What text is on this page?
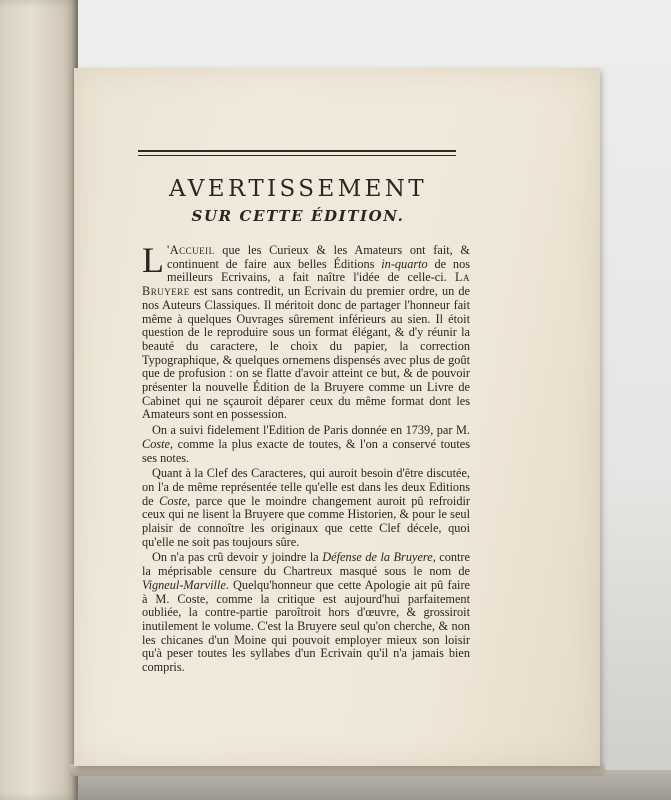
AVERTISSEMENT
SUR CETTE ÉDITION.

L 'Accueil que les Curieux & les Amateurs ont fait, & continuent de faire aux belles Éditions in-quarto de nos meilleurs Ecrivains, a fait naître l'idée de celle-ci. La Bruyere est sans contredit, un Ecrivain du premier ordre, un de nos Auteurs Classiques. Il méritoit donc de partager l'honneur fait même à quelques Ouvrages sûrement inférieurs au sien. Il étoit question de le reproduire sous un format élégant, & d'y réunir la beauté du caractere, le choix du papier, la correction Typographique, & quelques ornemens dispensés avec plus de goût que de profusion : on se flatte d'avoir atteint ce but, & de pouvoir présenter la nouvelle Édition de la Bruyere comme un Livre de Cabinet qui ne sçauroit déparer ceux du même format dont les Amateurs sont en possession.

On a suivi fidelement l'Edition de Paris donnée en 1739, par M. Coste, comme la plus exacte de toutes, & l'on a conservé toutes ses notes.

Quant à la Clef des Caracteres, qui auroit besoin d'être discutée, on l'a de même représentée telle qu'elle est dans les deux Editions de Coste, parce que le moindre changement auroit pû refroidir ceux qui ne lisent la Bruyere que comme Historien, & pour le seul plaisir de connoître les originaux que cette Clef décele, quoi qu'elle ne soit pas toujours sûre.

On n'a pas crû devoir y joindre la Défense de la Bruyere, contre la méprisable censure du Chartreux masqué sous le nom de Vigneul-Marville. Quelqu'honneur que cette Apologie ait pû faire à M. Coste, comme la critique est aujourd'hui parfaitement oubliée, la contre-partie paroîtroit hors d'œuvre, & grossiroit inutilement le volume. C'est la Bruyere seul qu'on cherche, & non les chicanes d'un Moine qui pouvoit employer mieux son loisir qu'à peser toutes les syllabes d'un Ecrivain qu'il n'a jamais bien compris.
